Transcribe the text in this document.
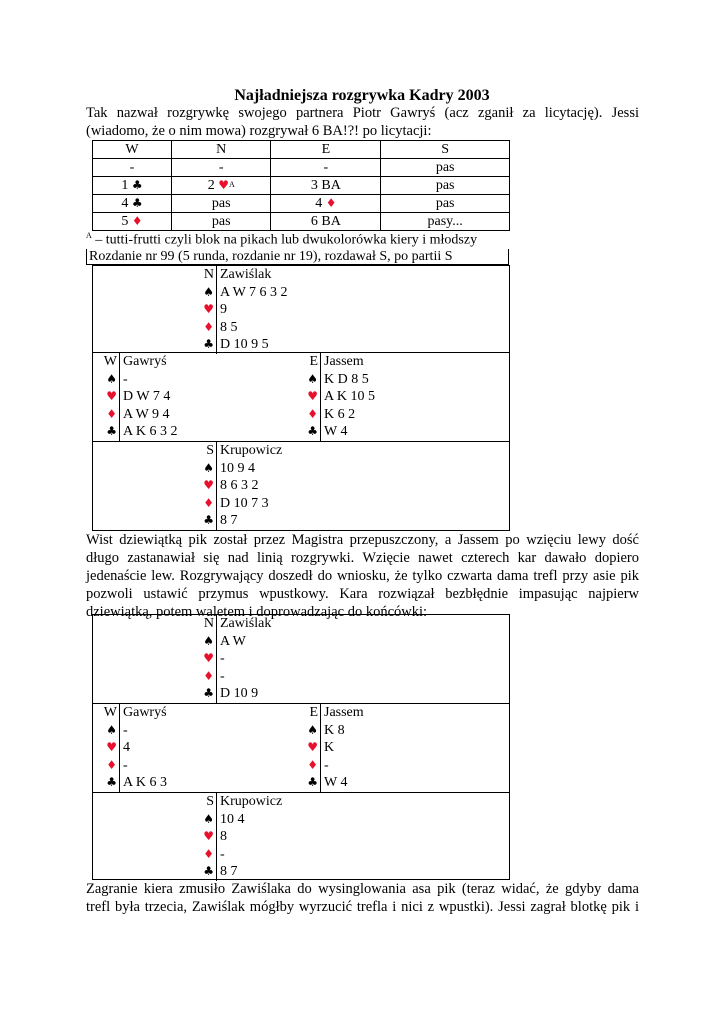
Najładniejsza rozgrywka Kadry 2003
Tak nazwał rozgrywkę swojego partnera Piotr Gawryś (acz zganił za licytację). Jessi
(wiadomo, że o nim mowa) rozgrywał 6 BA!?! po licytacji:
W	N	E	S
-	-	-	pas
1 ♣	2 ♥$^A$	3 BA	pas
4 ♣	pas	4 ♦	pas
5 ♦	pas	6 BA	pasy...
$^A$ – tutti-frutti czyli blok na pikach lub dwukolorówka kiery i młodszy
Rozdanie nr 99 (5 runda, rozdanie nr 19), rozdawał S, po partii S
N Zawiślak
♠ A W 7 6 3 2
♥ 9
♦ 8 5
♣ D 10 9 5
W Gawryś
♠ -
♥ D W 7 4
♦ A W 9 4
♣ A K 6 3 2
E Jassem
♠ K D 8 5
♥ A K 10 5
♦ K 6 2
♣ W 4
S Krupowicz
♠ 10 9 4
♥ 8 6 3 2
♦ D 10 7 3
♣ 8 7
Wist dziewiątką pik został przez Magistra przepuszczony, a Jassem po wzięciu lewy dość
długo zastanawiał się nad linią rozgrywki. Wzięcie nawet czterech kar dawało dopiero
jedenaście lew. Rozgrywający doszedł do wniosku, że tylko czwarta dama trefl przy asie pik
pozwoli ustawić przymus wpustkowy. Kara rozwiązał bezbłędnie impasując najpierw
dziewiątką, potem waletem i doprowadzając do końcówki:
N Zawiślak
♠ A W
♥ -
♦ -
♣ D 10 9
W Gawryś
♠ -
♥ 4
♦ -
♣ A K 6 3
E Jassem
♠ K 8
♥ K
♦ -
♣ W 4
S Krupowicz
♠ 10 4
♥ 8
♦ -
♣ 8 7
Zagranie kiera zmusiło Zawiślaka do wysinglowania asa pik (teraz widać, że gdyby dama
trefl była trzecia, Zawiślak mógłby wyrzucić trefla i nici z wpustki). Jessi zagrał blotkę pik i
